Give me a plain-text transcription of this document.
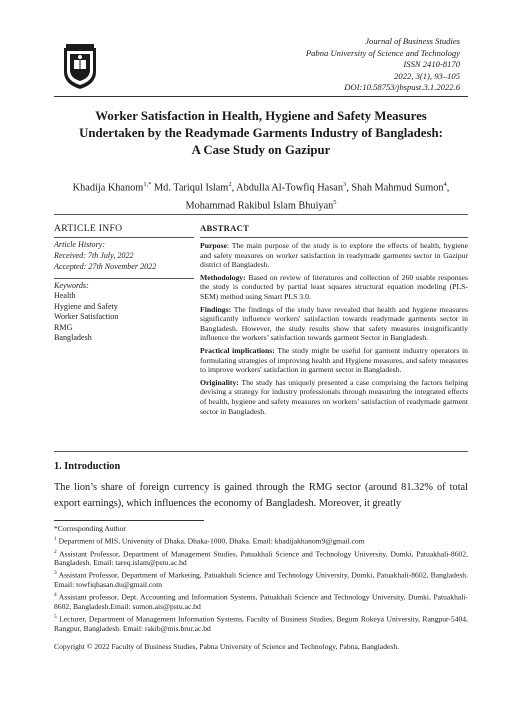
Journal of Business Studies
Pabna University of Science and Technology
ISSN 2410-8170
2022, 3(1), 93–105
DOI:10.58753/jbspust.3.1.2022.6
Worker Satisfaction in Health, Hygiene and Safety Measures
Undertaken by the Readymade Garments Industry of Bangladesh:
A Case Study on Gazipur
Khadija Khanom$^{1,*}$ Md. Tariqul Islam$^2$, Abdulla Al-Towfiq Hasan$^3$, Shah Mahmud Sumon$^4$,
Mohammad Rakibul Islam Bhuiyan$^5$
ARTICLE INFO
Article History:
Received: 7th July, 2022
Accepted: 27th November 2022
Keywords:
Health
Hygiene and Safety
Worker Satisfaction
RMG
Bangladesh
ABSTRACT

Purpose: The main purpose of the study is to explore the effects of health, hygiene and safety measures on worker satisfaction in readymade garments sector in Gazipur district of Bangladesh.

Methodology: Based on review of literatures and collection of 260 usable responses the study is conducted by partial least squares structural equation modeling (PLS-SEM) method using Smart PLS 3.0.

Findings: The findings of the study have revealed that health and hygiene measures significantly influence workers' satisfaction towards readymade garments sector in Bangladesh. However, the study results show that safety measures insignificantly influence the workers’ satisfaction towards garment Sector in Bangladesh.

Practical implications: The study might be useful for garment industry operators in formulating strategies of improving health and Hygiene measures, and safety measures to improve workers' satisfaction in garment sector in Bangladesh.

Originality: The study has uniquely presented a case comprising the factors helping devising a strategy for industry professionals through measuring the integrated effects of health, hygiene and safety measures on workers’ satisfaction of readymade garment sector in Bangladesh.

1. Introduction
The lion’s share of foreign currency is gained through the RMG sector (around 81.32% of total export earnings), which influences the economy of Bangladesh. Moreover, it greatly

*Corresponding Author

$^1$ Department of MIS, University of Dhaka, Dhaka-1000, Dhaka. Email: khadijakhanom9@gmail.com

$^2$ Assistant Professor, Department of Management Studies, Patuakhali Science and Technology University, Dumki, Patuakhali-8602, Bangladesh. Email: tareq.islam@pstu.ac.bd

$^3$ Assistant Professor, Department of Marketing, Patuakhali Science and Technology University, Dumki, Patuakhali-8602, Bangladesh. Email: towfiqhasan.du@gmail.com

$^4$ Assistant professor, Dept. Accounting and Information Systems, Patuakhali Science and Technology University, Dumki, Patuakhali-8602, Bangladesh.Email: sumon.ais@pstu.ac.bd

$^5$ Lecturer, Department of Management Information Systems, Faculty of Business Studies, Begum Rokeya University, Rangpur-5404, Rangpur, Bangladesh. Email: rakib@mis.brur.ac.bd

Copyright © 2022 Faculty of Business Studies, Pabna University of Science and Technology, Pabna, Bangladesh.
